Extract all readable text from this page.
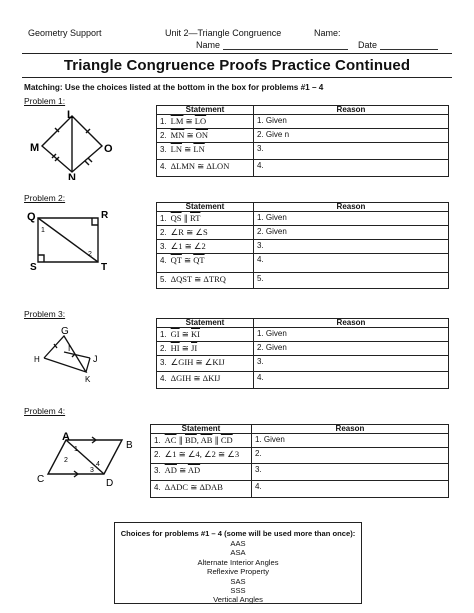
Geometry Support	Unit 2—Triangle Congruence	Name:
Name	Date
Triangle Congruence Proofs Practice Continued
Matching: Use the choices listed at the bottom in the box for problems #1 – 4
Problem 1:
Problem 2:
Problem 3:
Problem 4:
L
M	O
N
Q	R
S	T
1
2
G
H
I
J
K
A
B
C	D
1
2
3
4
Statement	Reason
1. $\overline{LM}$ ≅ $\overline{LO}$	1. Given
2. $\overline{MN}$ ≅ $\overline{ON}$	2. Give n
3. $\overline{LN}$ ≅ $\overline{LN}$	3.
4. ΔLMN ≅ ΔLON	4.
Statement	Reason
1. $\overline{QS}$ ∥ $\overline{RT}$	1. Given
2. ∠R ≅ ∠S	2. Given
3. ∠1 ≅ ∠2	3.
4. $\overline{QT}$ ≅ $\overline{QT}$	4.
5. ΔQST ≅ ΔTRQ	5.
Statement	Reason
1. $\overline{GI}$ ≅ $\overline{KI}$	1. Given
2. $\overline{HI}$ ≅ $\overline{JI}$	2. Given
3. ∠GIH ≅ ∠KIJ	3.
4. ΔGIH ≅ ΔKIJ	4.
Statement	Reason
1. $\overline{AC}$ ∥ $\overline{BD}$, $\overline{AB}$ ∥ $\overline{CD}$	1. Given
2. ∠1 ≅ ∠4, ∠2 ≅ ∠3	2.
3. $\overline{AD}$ ≅ $\overline{AD}$	3.
4. ΔADC ≅ ΔDAB	4.
Choices for problems #1 – 4 (some will be used more than once):
AAS
ASA
Alternate Interior Angles
Reflexive Property
SAS
SSS
Vertical Angles
